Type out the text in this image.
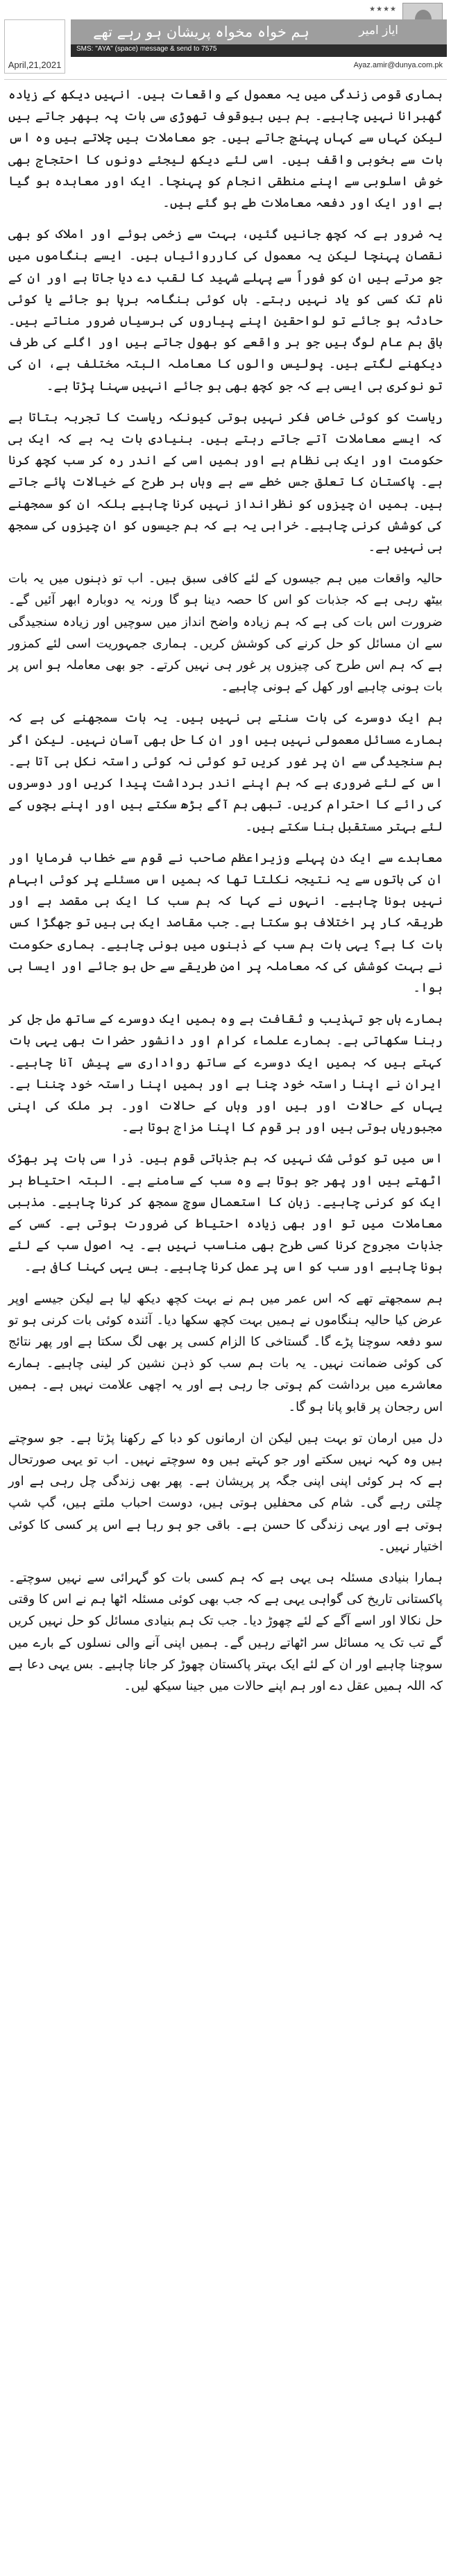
★★★★
April,21,2021
ہم خواہ مخواہ پریشان ہو رہے تھے	ایاز امیر
SMS: "AYA" (space) message & send to 7575
Ayaz.amir@dunya.com.pk

ہماری قومی زندگی میں یہ معمول کے واقعات ہیں۔ انہیں دیکھ کے زیادہ گھبرانا نہیں چاہیے۔ ہم ہیں بیوقوف تھوڑی سی بات پہ بپھر جاتے ہیں لیکن کہاں سے کہاں پہنچ جاتے ہیں۔ جو معاملات ہیں چلاتے ہیں وہ اس بات سے بخوبی واقف ہیں۔ اسی لئے دیکھ لیجئے دونوں کا احتجاج بھی خوش اسلوبی سے اپنے منطقی انجام کو پہنچا۔ ایک اور معاہدہ ہو گیا ہے اور ایک اور دفعہ معاملات طے ہو گئے ہیں۔

یہ ضرور ہے کہ کچھ جانیں گئیں، بہت سے زخمی ہوئے اور املاک کو بھی نقصان پہنچا لیکن یہ معمول کی کارروائیاں ہیں۔ ایسے ہنگاموں میں جو مرتے ہیں ان کو فوراً سے پہلے شہید کا لقب دے دیا جاتا ہے اور ان کے نام تک کسی کو یاد نہیں رہتے۔ ہاں کوئی ہنگامہ برپا ہو جائے یا کوئی حادثہ ہو جائے تو لواحقین اپنے پیاروں کی برسیاں ضرور مناتے ہیں۔ باقی ہم عام لوگ ہیں جو ہر واقعے کو بھول جاتے ہیں اور اگلے کی طرف دیکھنے لگتے ہیں۔ پولیس والوں کا معاملہ البتہ مختلف ہے، ان کی تو نوکری ہی ایسی ہے کہ جو کچھ بھی ہو جائے انہیں سہنا پڑتا ہے۔

ریاست کو کوئی خاص فکر نہیں ہوتی کیونکہ ریاست کا تجربہ بتاتا ہے کہ ایسے معاملات آتے جاتے رہتے ہیں۔ بنیادی بات یہ ہے کہ ایک ہی حکومت اور ایک ہی نظام ہے اور ہمیں اسی کے اندر رہ کر سب کچھ کرنا ہے۔ پاکستان کا تعلق جس خطے سے ہے وہاں ہر طرح کے خیالات پائے جاتے ہیں۔ ہمیں ان چیزوں کو نظرانداز نہیں کرنا چاہیے بلکہ ان کو سمجھنے کی کوشش کرنی چاہیے۔ خرابی یہ ہے کہ ہم جیسوں کو ان چیزوں کی سمجھ ہی نہیں ہے۔

حالیہ واقعات میں ہم جیسوں کے لئے کافی سبق ہیں۔ اب تو ذہنوں میں یہ بات بیٹھ رہی ہے کہ جذبات کو اس کا حصہ دینا ہو گا ورنہ یہ دوبارہ ابھر آئیں گے۔ ضرورت اس بات کی ہے کہ ہم زیادہ واضح انداز میں سوچیں اور زیادہ سنجیدگی سے ان مسائل کو حل کرنے کی کوشش کریں۔ ہماری جمہوریت اسی لئے کمزور ہے کہ ہم اس طرح کی چیزوں پر غور ہی نہیں کرتے۔ جو بھی معاملہ ہو اس پر بات ہونی چاہیے اور کھل کے ہونی چاہیے۔

ہم ایک دوسرے کی بات سنتے ہی نہیں ہیں۔ یہ بات سمجھنے کی ہے کہ ہمارے مسائل معمولی نہیں ہیں اور ان کا حل بھی آسان نہیں۔ لیکن اگر ہم سنجیدگی سے ان پر غور کریں تو کوئی نہ کوئی راستہ نکل ہی آتا ہے۔ اس کے لئے ضروری ہے کہ ہم اپنے اندر برداشت پیدا کریں اور دوسروں کی رائے کا احترام کریں۔ تبھی ہم آگے بڑھ سکتے ہیں اور اپنے بچوں کے لئے بہتر مستقبل بنا سکتے ہیں۔

معاہدے سے ایک دن پہلے وزیراعظم صاحب نے قوم سے خطاب فرمایا اور ان کی باتوں سے یہ نتیجہ نکلتا تھا کہ ہمیں اس مسئلے پر کوئی ابہام نہیں ہونا چاہیے۔ انہوں نے کہا کہ ہم سب کا ایک ہی مقصد ہے اور طریقہ کار پر اختلاف ہو سکتا ہے۔ جب مقاصد ایک ہی ہیں تو جھگڑا کس بات کا ہے؟ یہی بات ہم سب کے ذہنوں میں ہونی چاہیے۔ ہماری حکومت نے بہت کوشش کی کہ معاملہ پر امن طریقے سے حل ہو جائے اور ایسا ہی ہوا۔

ہمارے ہاں جو تہذیب و ثقافت ہے وہ ہمیں ایک دوسرے کے ساتھ مل جل کر رہنا سکھاتی ہے۔ ہمارے علماء کرام اور دانشور حضرات بھی یہی بات کہتے ہیں کہ ہمیں ایک دوسرے کے ساتھ رواداری سے پیش آنا چاہیے۔ ایران نے اپنا راستہ خود چنا ہے اور ہمیں اپنا راستہ خود چننا ہے۔ یہاں کے حالات اور ہیں اور وہاں کے حالات اور۔ ہر ملک کی اپنی مجبوریاں ہوتی ہیں اور ہر قوم کا اپنا مزاج ہوتا ہے۔

اس میں تو کوئی شک نہیں کہ ہم جذباتی قوم ہیں۔ ذرا سی بات پر بھڑک اٹھتے ہیں اور پھر جو ہوتا ہے وہ سب کے سامنے ہے۔ البتہ احتیاط ہر ایک کو کرنی چاہیے۔ زبان کا استعمال سوچ سمجھ کر کرنا چاہیے۔ مذہبی معاملات میں تو اور بھی زیادہ احتیاط کی ضرورت ہوتی ہے۔ کسی کے جذبات مجروح کرنا کسی طرح بھی مناسب نہیں ہے۔ یہ اصول سب کے لئے ہونا چاہیے اور سب کو اس پر عمل کرنا چاہیے۔ بس یہی کہنا کافی ہے۔

ہم سمجھتے تھے کہ اس عمر میں ہم نے بہت کچھ دیکھ لیا ہے لیکن جیسے اوپر عرض کیا حالیہ ہنگاموں نے ہمیں بہت کچھ سکھا دیا۔ آئندہ کوئی بات کرنی ہو تو سو دفعہ سوچنا پڑے گا۔ گستاخی کا الزام کسی پر بھی لگ سکتا ہے اور پھر نتائج کی کوئی ضمانت نہیں۔ یہ بات ہم سب کو ذہن نشین کر لینی چاہیے۔ ہمارے معاشرے میں برداشت کم ہوتی جا رہی ہے اور یہ اچھی علامت نہیں ہے۔ ہمیں اس رجحان پر قابو پانا ہو گا۔

دل میں ارمان تو بہت ہیں لیکن ان ارمانوں کو دبا کے رکھنا پڑتا ہے۔ جو سوچتے ہیں وہ کہہ نہیں سکتے اور جو کہتے ہیں وہ سوچتے نہیں۔ اب تو یہی صورتحال ہے کہ ہر کوئی اپنی اپنی جگہ پر پریشان ہے۔ پھر بھی زندگی چل رہی ہے اور چلتی رہے گی۔ شام کی محفلیں ہوتی ہیں، دوست احباب ملتے ہیں، گپ شپ ہوتی ہے اور یہی زندگی کا حسن ہے۔ باقی جو ہو رہا ہے اس پر کسی کا کوئی اختیار نہیں۔

ہمارا بنیادی مسئلہ ہی یہی ہے کہ ہم کسی بات کو گہرائی سے نہیں سوچتے۔ پاکستانی تاریخ کی گواہی یہی ہے کہ جب بھی کوئی مسئلہ اٹھا ہم نے اس کا وقتی حل نکالا اور اسے آگے کے لئے چھوڑ دیا۔ جب تک ہم بنیادی مسائل کو حل نہیں کریں گے تب تک یہ مسائل سر اٹھاتے رہیں گے۔ ہمیں اپنی آنے والی نسلوں کے بارے میں سوچنا چاہیے اور ان کے لئے ایک بہتر پاکستان چھوڑ کر جانا چاہیے۔ بس یہی دعا ہے کہ اللہ ہمیں عقل دے اور ہم اپنے حالات میں جینا سیکھ لیں۔
